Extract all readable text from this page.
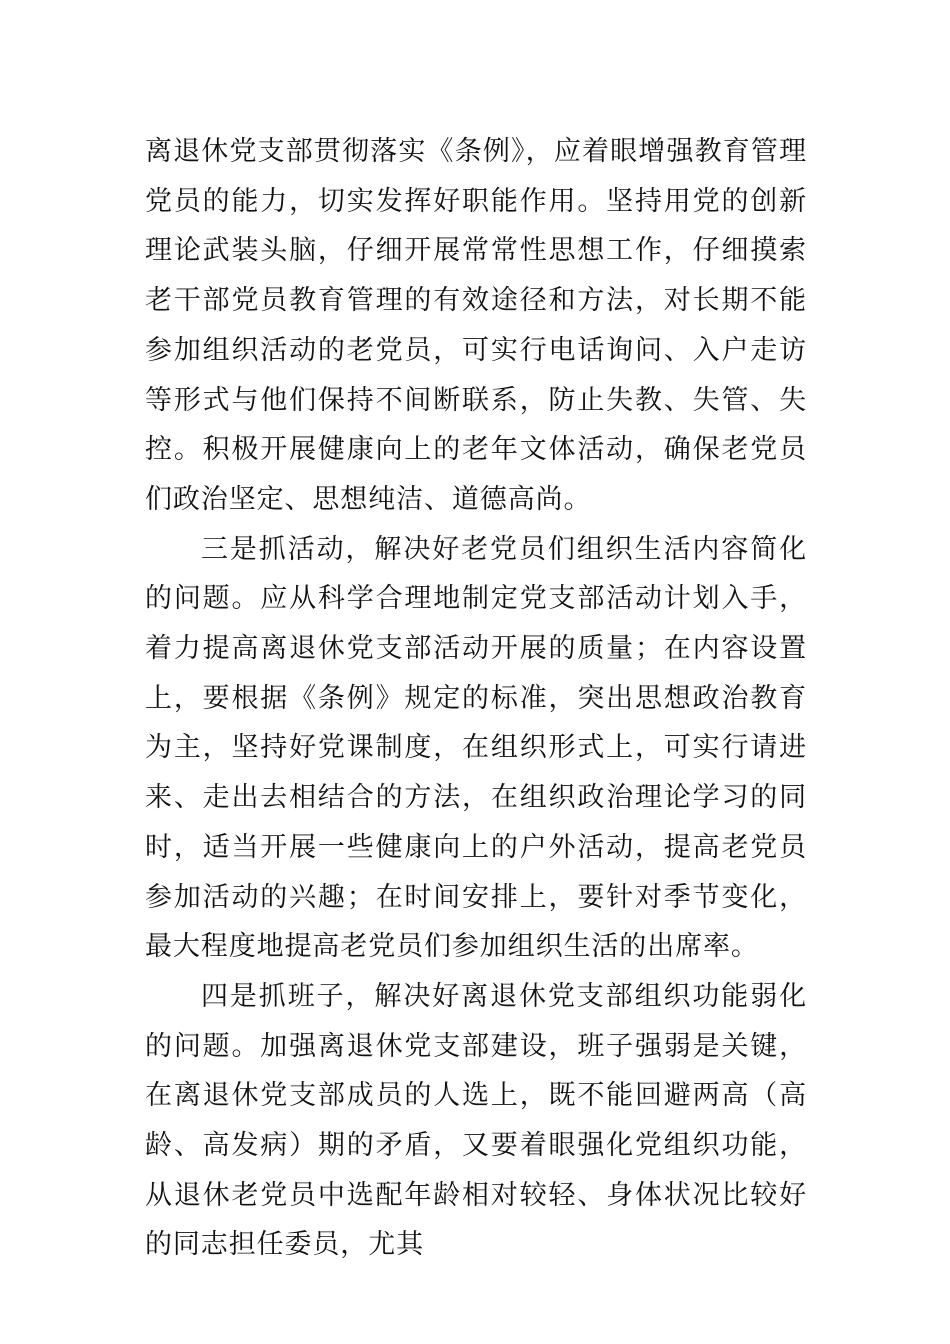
离退休党支部贯彻落实《条例》，应着眼增强教育管理党员的能力，切实发挥好职能作用。坚持用党的创新理论武装头脑，仔细开展常常性思想工作，仔细摸索老干部党员教育管理的有效途径和方法，对长期不能参加组织活动的老党员，可实行电话询问、入户走访等形式与他们保持不间断联系，防止失教、失管、失控。积极开展健康向上的老年文体活动，确保老党员们政治坚定、思想纯洁、道德高尚。

三是抓活动，解决好老党员们组织生活内容简化的问题。应从科学合理地制定党支部活动计划入手，着力提高离退休党支部活动开展的质量；在内容设置上，要根据《条例》规定的标准，突出思想政治教育为主，坚持好党课制度，在组织形式上，可实行请进来、走出去相结合的方法，在组织政治理论学习的同时，适当开展一些健康向上的户外活动，提高老党员参加活动的兴趣；在时间安排上，要针对季节变化，最大程度地提高老党员们参加组织生活的出席率。

四是抓班子，解决好离退休党支部组织功能弱化的问题。加强离退休党支部建设，班子强弱是关键，在离退休党支部成员的人选上，既不能回避两高（高龄、高发病）期的矛盾，又要着眼强化党组织功能，从退休老党员中选配年龄相对较轻、身体状况比较好的同志担任委员，尤其
